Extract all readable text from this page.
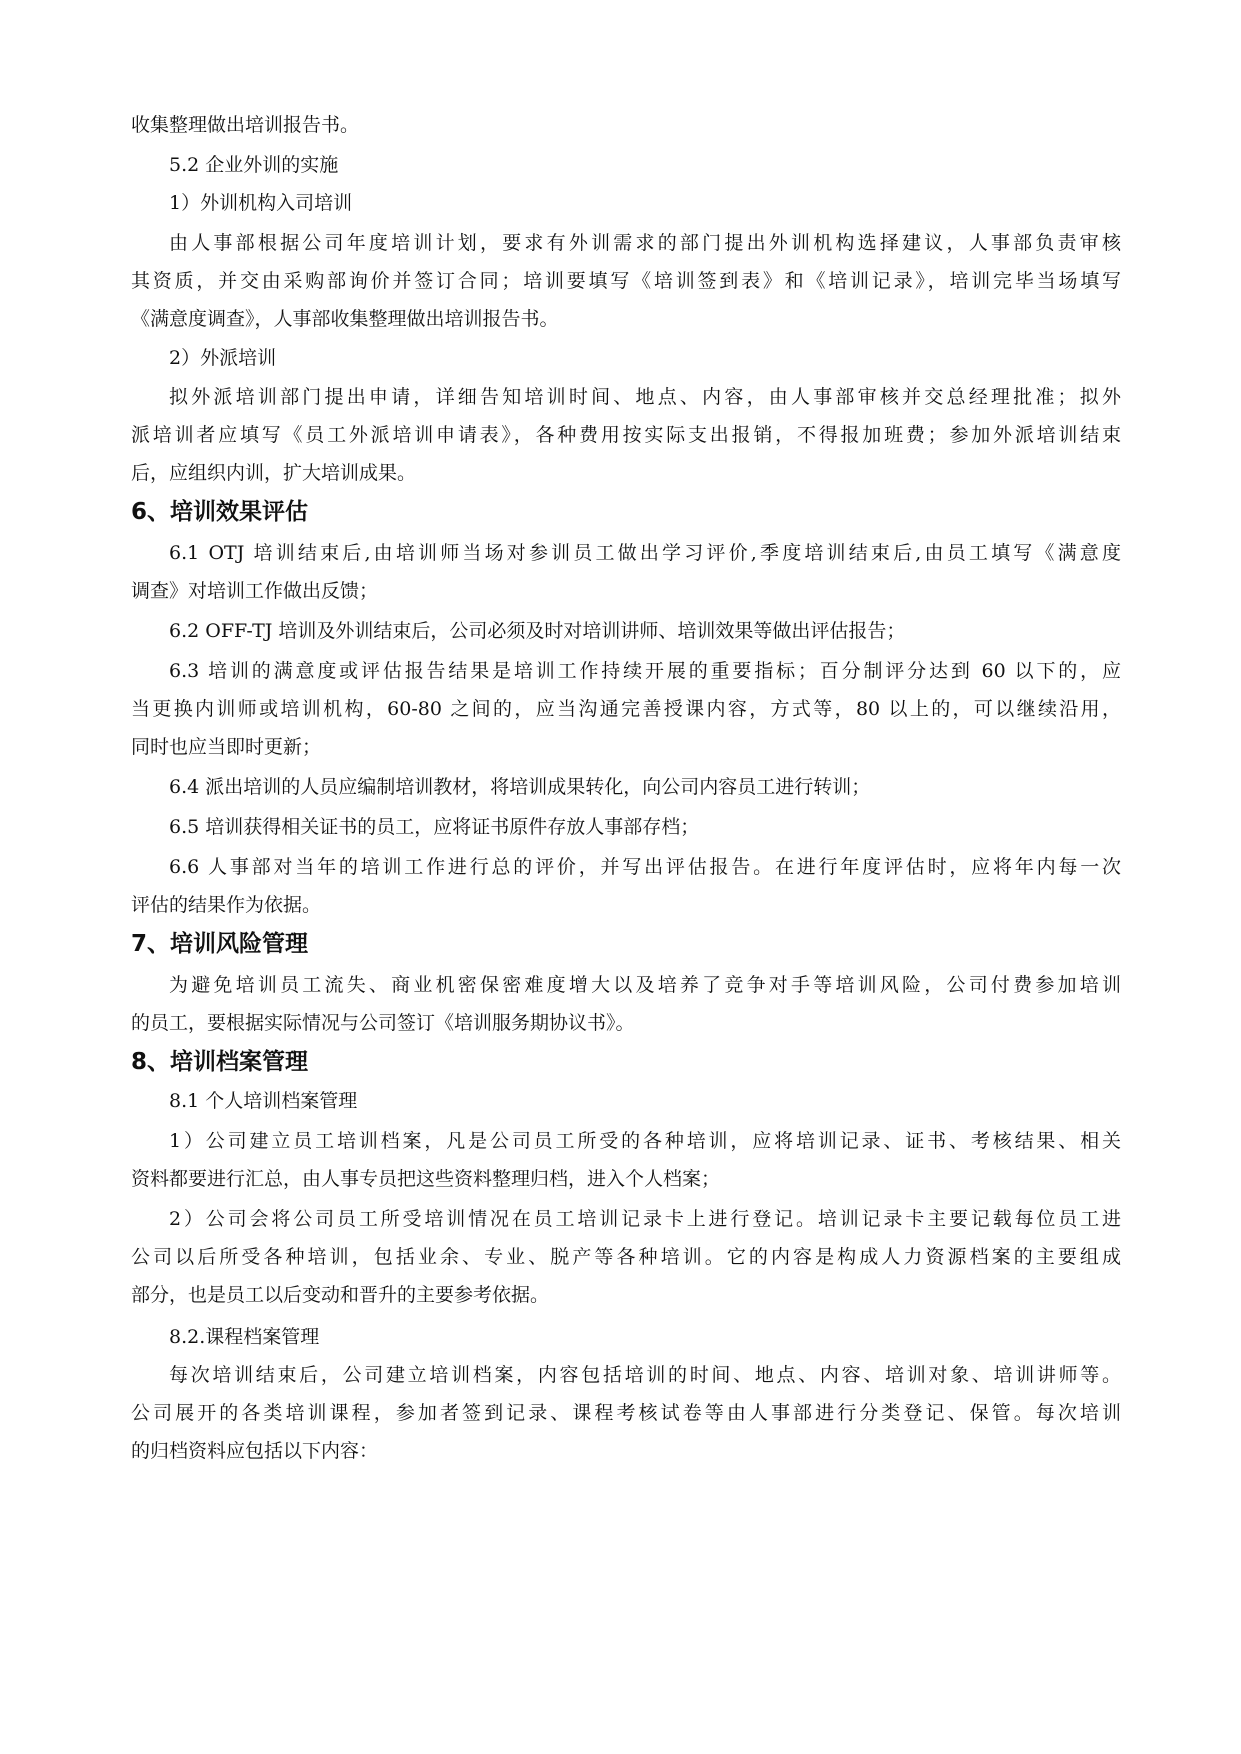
收集整理做出培训报告书。
5.2 企业外训的实施
1）外训机构入司培训
由人事部根据公司年度培训计划，要求有外训需求的部门提出外训机构选择建议，人事部负责审核
其资质，并交由采购部询价并签订合同；培训要填写《培训签到表》和《培训记录》，培训完毕当场填写
《满意度调查》，人事部收集整理做出培训报告书。
2）外派培训
拟外派培训部门提出申请，详细告知培训时间、地点、内容，由人事部审核并交总经理批准；拟外
派培训者应填写《员工外派培训申请表》，各种费用按实际支出报销，不得报加班费；参加外派培训结束
后，应组织内训，扩大培训成果。
6、培训效果评估
6.1 OTJ 培训结束后,由培训师当场对参训员工做出学习评价,季度培训结束后,由员工填写《满意度
调查》对培训工作做出反馈；
6.2 OFF-TJ 培训及外训结束后，公司必须及时对培训讲师、培训效果等做出评估报告；
6.3 培训的满意度或评估报告结果是培训工作持续开展的重要指标；百分制评分达到 60 以下的，应
当更换内训师或培训机构，60-80 之间的，应当沟通完善授课内容，方式等，80 以上的，可以继续沿用，
同时也应当即时更新；
6.4 派出培训的人员应编制培训教材，将培训成果转化，向公司内容员工进行转训；
6.5 培训获得相关证书的员工，应将证书原件存放人事部存档；
6.6 人事部对当年的培训工作进行总的评价，并写出评估报告。在进行年度评估时，应将年内每一次
评估的结果作为依据。
7、培训风险管理
为避免培训员工流失、商业机密保密难度增大以及培养了竞争对手等培训风险，公司付费参加培训
的员工，要根据实际情况与公司签订《培训服务期协议书》。
8、培训档案管理
8.1 个人培训档案管理
1）公司建立员工培训档案，凡是公司员工所受的各种培训，应将培训记录、证书、考核结果、相关
资料都要进行汇总，由人事专员把这些资料整理归档，进入个人档案；
2）公司会将公司员工所受培训情况在员工培训记录卡上进行登记。培训记录卡主要记载每位员工进
公司以后所受各种培训，包括业余、专业、脱产等各种培训。它的内容是构成人力资源档案的主要组成
部分，也是员工以后变动和晋升的主要参考依据。
8.2.课程档案管理
每次培训结束后，公司建立培训档案，内容包括培训的时间、地点、内容、培训对象、培训讲师等。
公司展开的各类培训课程，参加者签到记录、课程考核试卷等由人事部进行分类登记、保管。每次培训
的归档资料应包括以下内容：
